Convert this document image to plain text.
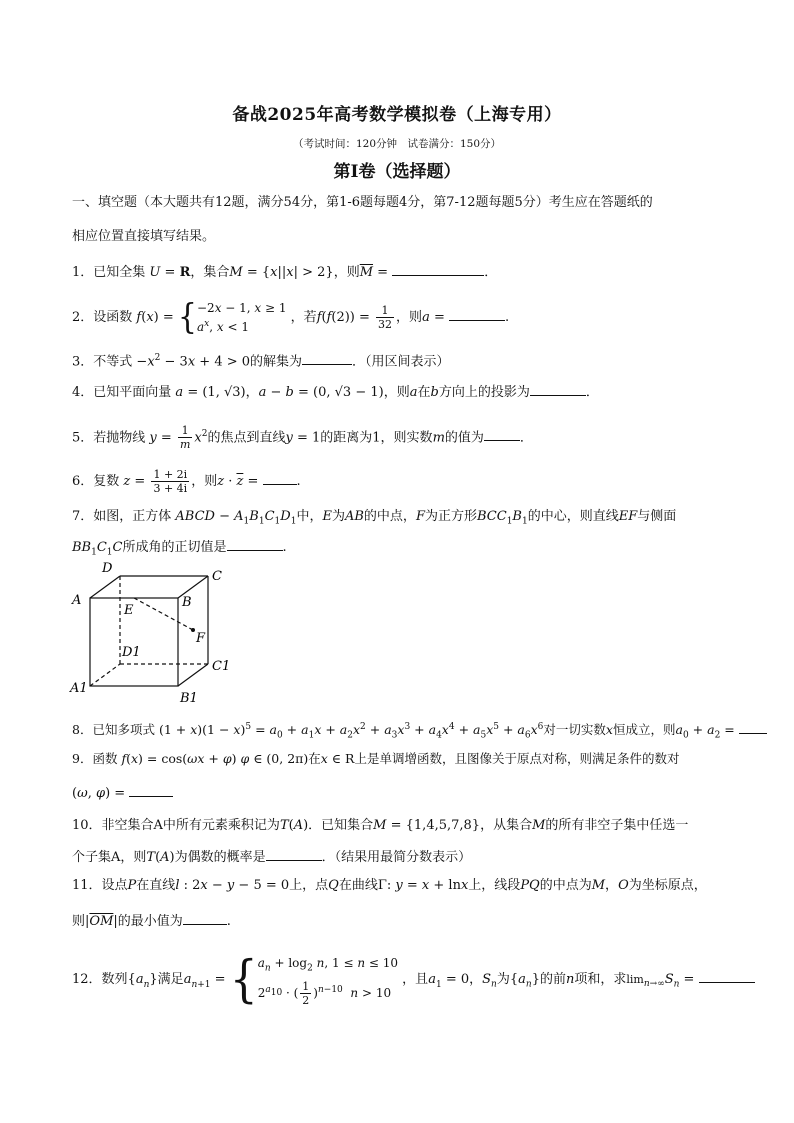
备战2025年高考数学模拟卷（上海专用）
（考试时间：120分钟　试卷满分：150分）
第Ⅰ卷（选择题）
一、填空题（本大题共有12题，满分54分，第1-6题每题4分，第7-12题每题5分）考生应在答题纸的
相应位置直接填写结果。
1．已知全集 U = R，集合M = {x||x| > 2}，则$\overline{M}$ =	．
2．设函数 f(x) = {−2x − 1, x ≥ 1
$a^x$, x < 1 ，若$f(f(2)) = \frac{1}{32}$ ，则a =	.
3．不等式 $-x^2 - 3x + 4 > 0$的解集为	．（用区间表示）
4．已知平面向量 a = (1, √3)，a − b = (0, √3 − 1)，则a在b方向上的投影为	．
5．若抛物线 $y = \frac{1}{m} x^2$的焦点到直线y = 1的距离为1，则实数m的值为	．
6．复数 $z = \frac{1 + 2i}{3 + 4i}$ ，则$z \cdot \overline{z}$ =	.
7．如图，正方体 ABCD − $A_1B_1C_1D_1$中，E为AB的中点，F为正方形$BCC_1B_1$的中心，则直线EF与侧面
$BB_1C_1C$所成角的正切值是	.
D
C
A	B
E
F
D1
C1
A1
B1
8．已知多项式 $(1 + x)(1 - x)^5 = a_0 + a_1x + a_2x^2 + a_3x^3 + a_4x^4 + a_5x^5 + a_6x^6$对一切实数x恒成立，则$a_0 + a_2$ =
9．函数 f(x) = cos(ωx + φ) φ ∈ (0, 2π)在x ∈ R上是单调增函数，且图像关于原点对称，则满足条件的数对
(ω, φ) =
10．非空集合A中所有元素乘积记为T(A)．已知集合M = {1,4,5,7,8}，从集合M的所有非空子集中任选一
个子集A，则T(A)为偶数的概率是	．（结果用最简分数表示）
11．设点P在直线l : 2x − y − 5 = 0上，点Q在曲线Γ: y = x + lnx上，线段PQ的中点为M，O为坐标原点，
则$|\overline{OM}|$的最小值为	.
12．数列$\{a_n\}$满足$a_{n+1} = \{a_n + \log_2 n$, 1 ≤ n ≤ 10
$2^{a_{10}}$ · ( $\frac{1}{2} )^{n-10}$ n > 10 ，且$a_1 = 0$，$S_n$为$\{a_n\}$的前n项和，求$\lim_{n\to\infty}S_n$ =
